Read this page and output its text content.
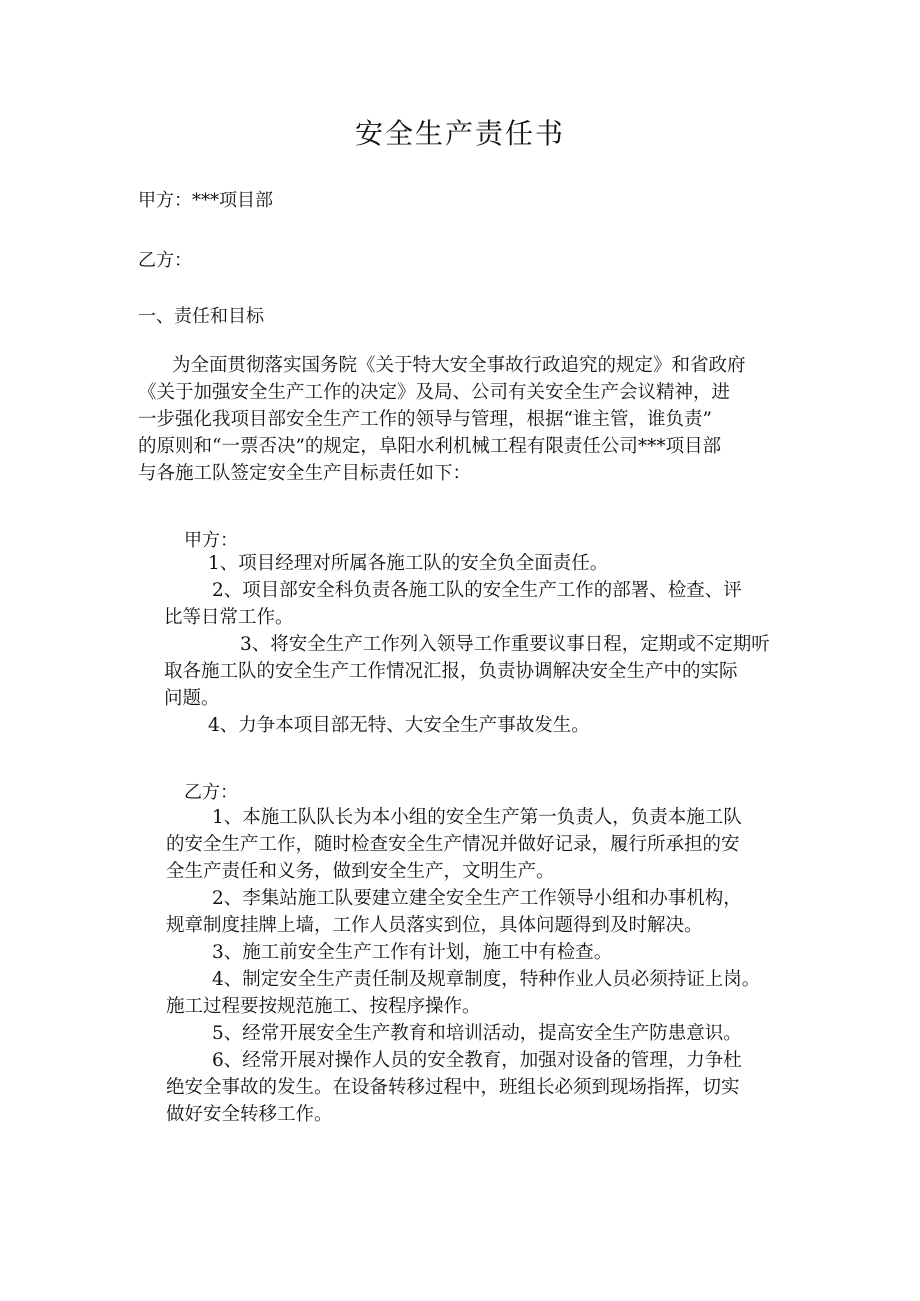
安全生产责任书
甲方：***项目部
乙方：
一、责任和目标
为全面贯彻落实国务院《关于特大安全事故行政追究的规定》和省政府
《关于加强安全生产工作的决定》及局、公司有关安全生产会议精神，进
一步强化我项目部安全生产工作的领导与管理，根据“谁主管，谁负责”
的原则和“一票否决”的规定，阜阳水利机械工程有限责任公司***项目部
与各施工队签定安全生产目标责任如下：
甲方：
1、项目经理对所属各施工队的安全负全面责任。
2、项目部安全科负责各施工队的安全生产工作的部署、检查、评
比等日常工作。
3、将安全生产工作列入领导工作重要议事日程，定期或不定期听
取各施工队的安全生产工作情况汇报，负责协调解决安全生产中的实际
问题。
4、力争本项目部无特、大安全生产事故发生。
乙方：
1、本施工队队长为本小组的安全生产第一负责人，负责本施工队
的安全生产工作，随时检查安全生产情况并做好记录，履行所承担的安
全生产责任和义务，做到安全生产，文明生产。
2、李集站施工队要建立建全安全生产工作领导小组和办事机构，
规章制度挂牌上墙，工作人员落实到位，具体问题得到及时解决。
3、施工前安全生产工作有计划，施工中有检查。
4、制定安全生产责任制及规章制度，特种作业人员必须持证上岗。
施工过程要按规范施工、按程序操作。
5、经常开展安全生产教育和培训活动，提高安全生产防患意识。
6、经常开展对操作人员的安全教育，加强对设备的管理，力争杜
绝安全事故的发生。在设备转移过程中，班组长必须到现场指挥，切实
做好安全转移工作。
